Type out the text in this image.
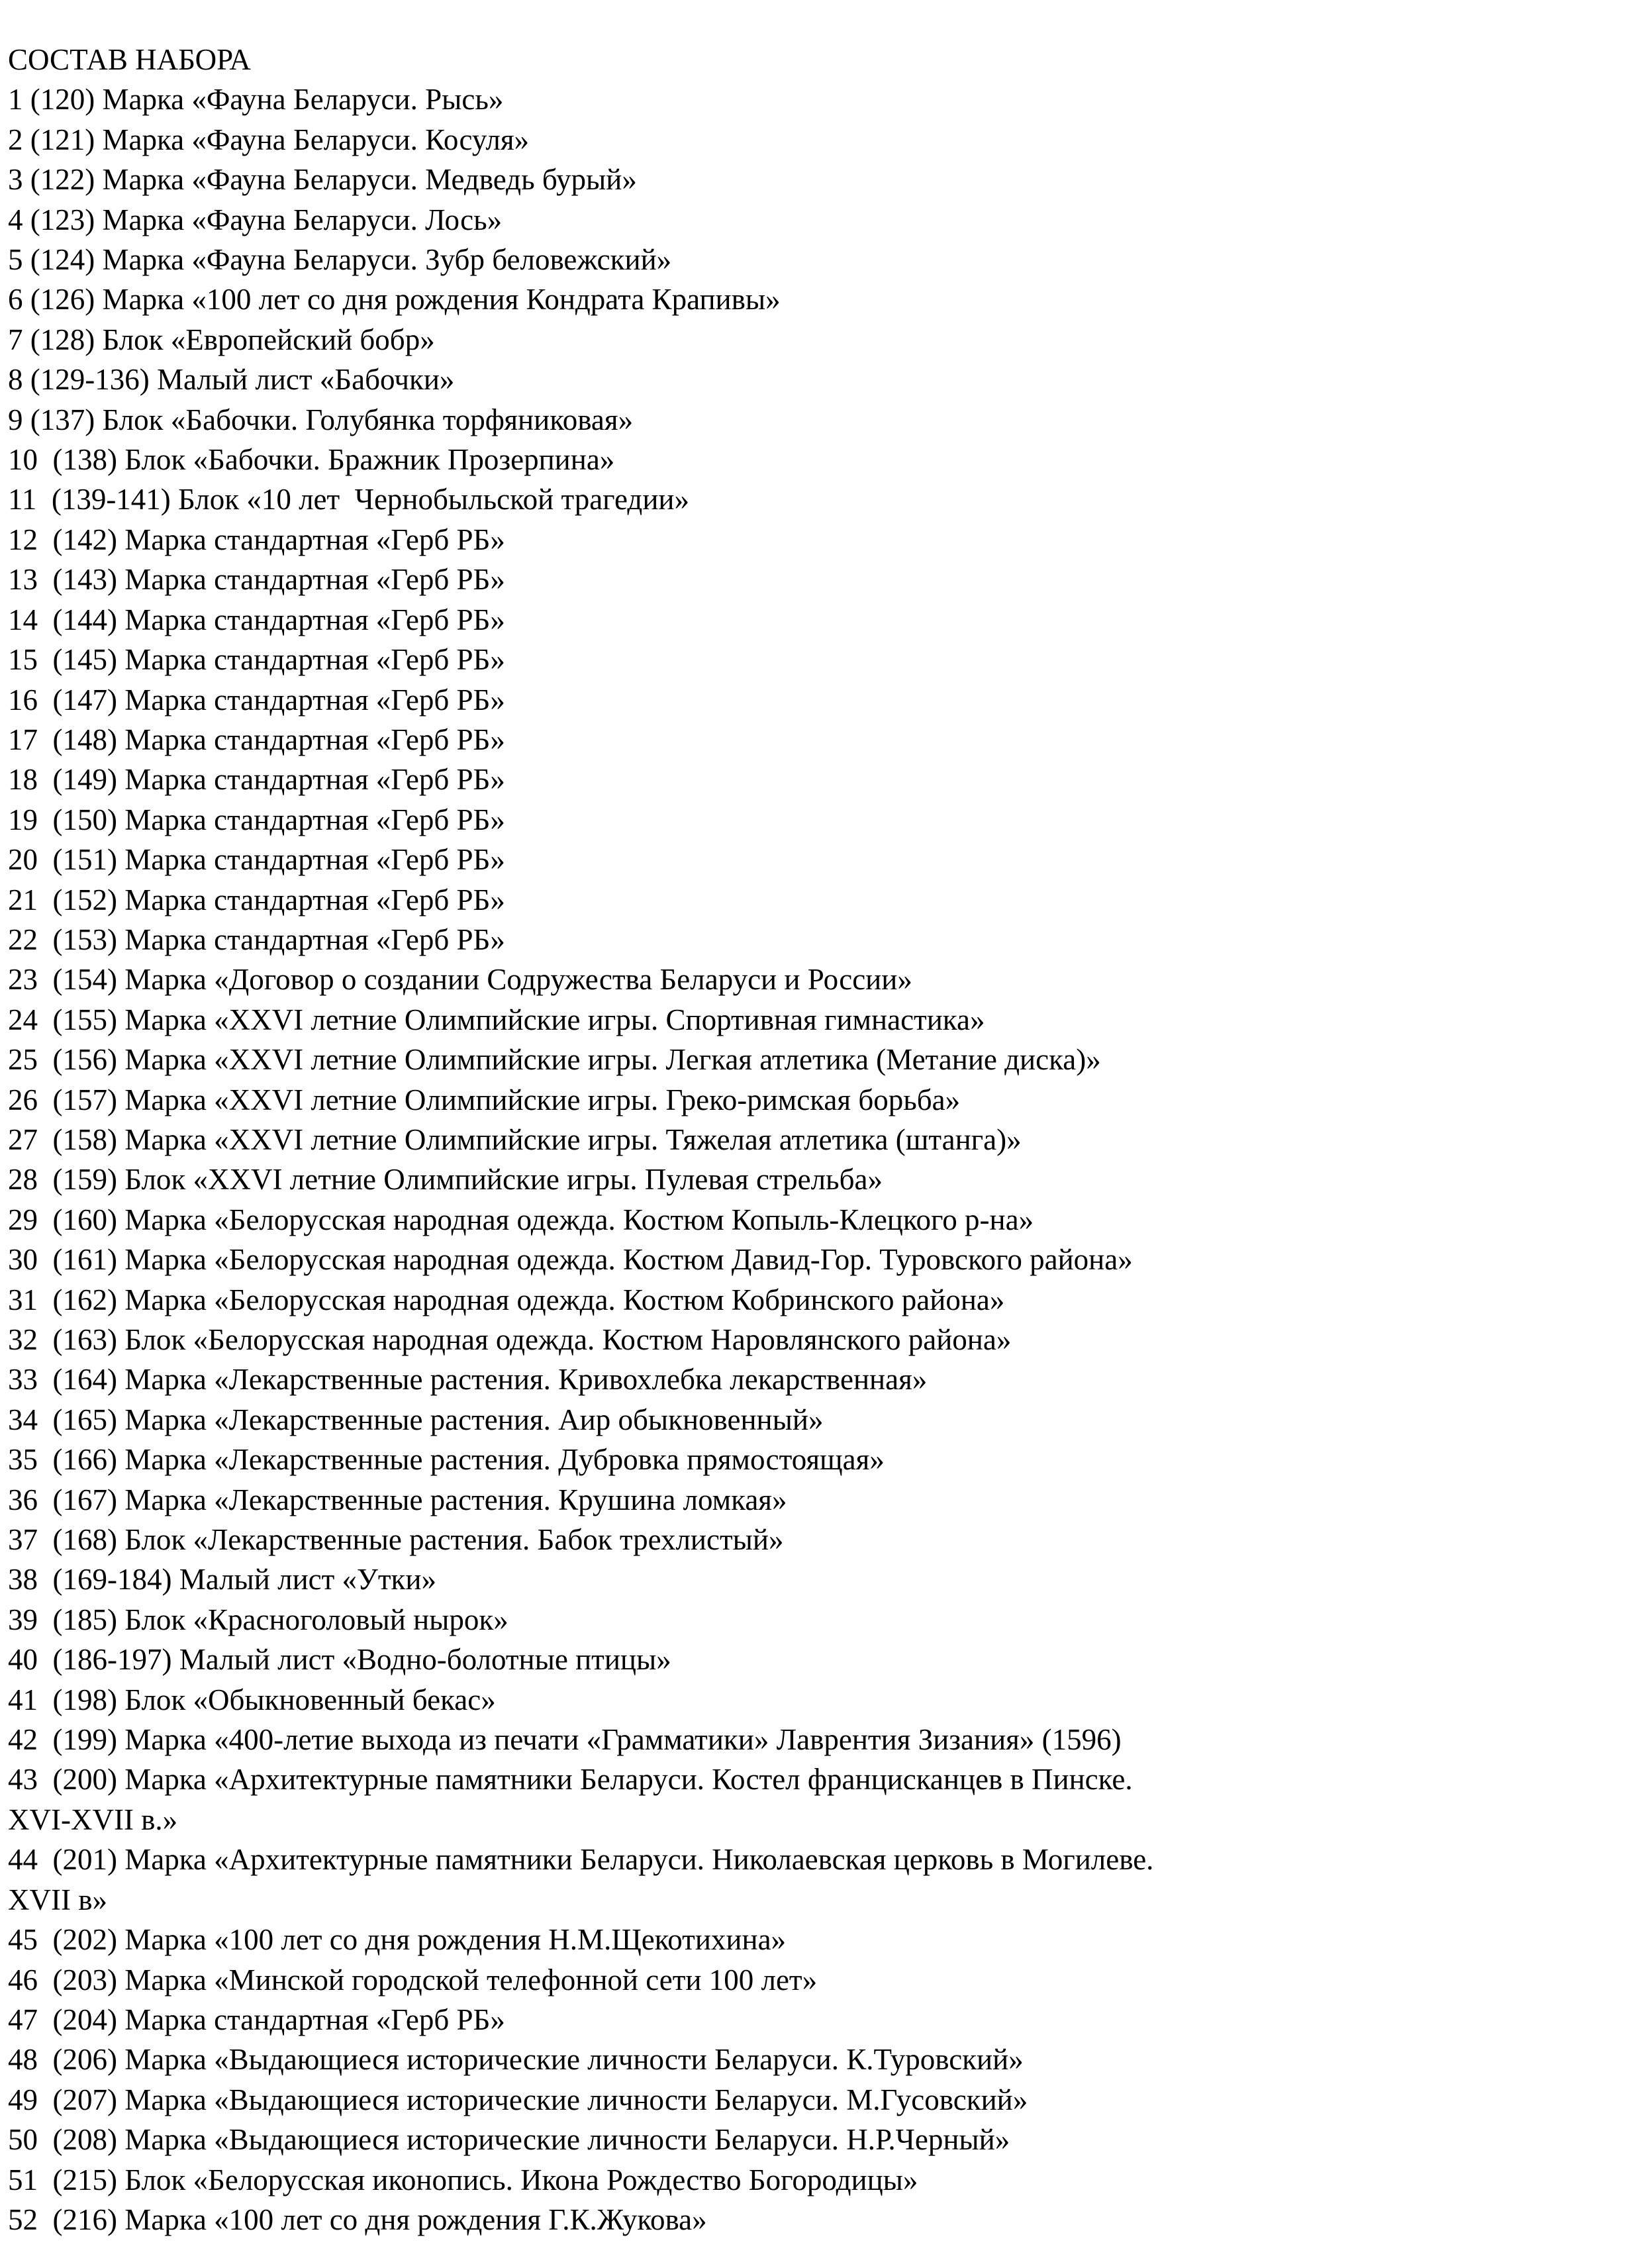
СОСТАВ НАБОРА
1 (120) Марка «Фауна Беларуси. Рысь»
2 (121) Марка «Фауна Беларуси. Косуля»
3 (122) Марка «Фауна Беларуси. Медведь бурый»
4 (123) Марка «Фауна Беларуси. Лось»
5 (124) Марка «Фауна Беларуси. Зубр беловежский»
6 (126) Марка «100 лет со дня рождения Кондрата Крапивы»
7 (128) Блок «Европейский бобр»
8 (129-136) Малый лист «Бабочки»
9 (137) Блок «Бабочки. Голубянка торфяниковая»
10  (138) Блок «Бабочки. Бражник Прозерпина»
11  (139-141) Блок «10 лет  Чернобыльской трагедии»
12  (142) Марка стандартная «Герб РБ»
13  (143) Марка стандартная «Герб РБ»
14  (144) Марка стандартная «Герб РБ»
15  (145) Марка стандартная «Герб РБ»
16  (147) Марка стандартная «Герб РБ»
17  (148) Марка стандартная «Герб РБ»
18  (149) Марка стандартная «Герб РБ»
19  (150) Марка стандартная «Герб РБ»
20  (151) Марка стандартная «Герб РБ»
21  (152) Марка стандартная «Герб РБ»
22  (153) Марка стандартная «Герб РБ»
23  (154) Марка «Договор о создании Содружества Беларуси и России»
24  (155) Марка «XXVI летние Олимпийские игры. Спортивная гимнастика»
25  (156) Марка «XXVI летние Олимпийские игры. Легкая атлетика (Метание диска)»
26  (157) Марка «XXVI летние Олимпийские игры. Греко-римская борьба»
27  (158) Марка «XXVI летние Олимпийские игры. Тяжелая атлетика (штанга)»
28  (159) Блок «XXVI летние Олимпийские игры. Пулевая стрельба»
29  (160) Марка «Белорусская народная одежда. Костюм Копыль-Клецкого р-на»
30  (161) Марка «Белорусская народная одежда. Костюм Давид-Гор. Туровского района»
31  (162) Марка «Белорусская народная одежда. Костюм Кобринского района»
32  (163) Блок «Белорусская народная одежда. Костюм Наровлянского района»
33  (164) Марка «Лекарственные растения. Кривохлебка лекарственная»
34  (165) Марка «Лекарственные растения. Аир обыкновенный»
35  (166) Марка «Лекарственные растения. Дубровка прямостоящая»
36  (167) Марка «Лекарственные растения. Крушина ломкая»
37  (168) Блок «Лекарственные растения. Бабок трехлистый»
38  (169-184) Малый лист «Утки»
39  (185) Блок «Красноголовый нырок»
40  (186-197) Малый лист «Водно-болотные птицы»
41  (198) Блок «Обыкновенный бекас»
42  (199) Марка «400-летие выхода из печати «Грамматики» Лаврентия Зизания» (1596)
43  (200) Марка «Архитектурные памятники Беларуси. Костел францисканцев в Пинске.
XVI-XVII в.»
44  (201) Марка «Архитектурные памятники Беларуси. Николаевская церковь в Могилеве.
XVII в»
45  (202) Марка «100 лет со дня рождения Н.М.Щекотихина»
46  (203) Марка «Минской городской телефонной сети 100 лет»
47  (204) Марка стандартная «Герб РБ»
48  (206) Марка «Выдающиеся исторические личности Беларуси. К.Туровский»
49  (207) Марка «Выдающиеся исторические личности Беларуси. М.Гусовский»
50  (208) Марка «Выдающиеся исторические личности Беларуси. Н.Р.Черный»
51  (215) Блок «Белорусская иконопись. Икона Рождество Богородицы»
52  (216) Марка «100 лет со дня рождения Г.К.Жукова»
